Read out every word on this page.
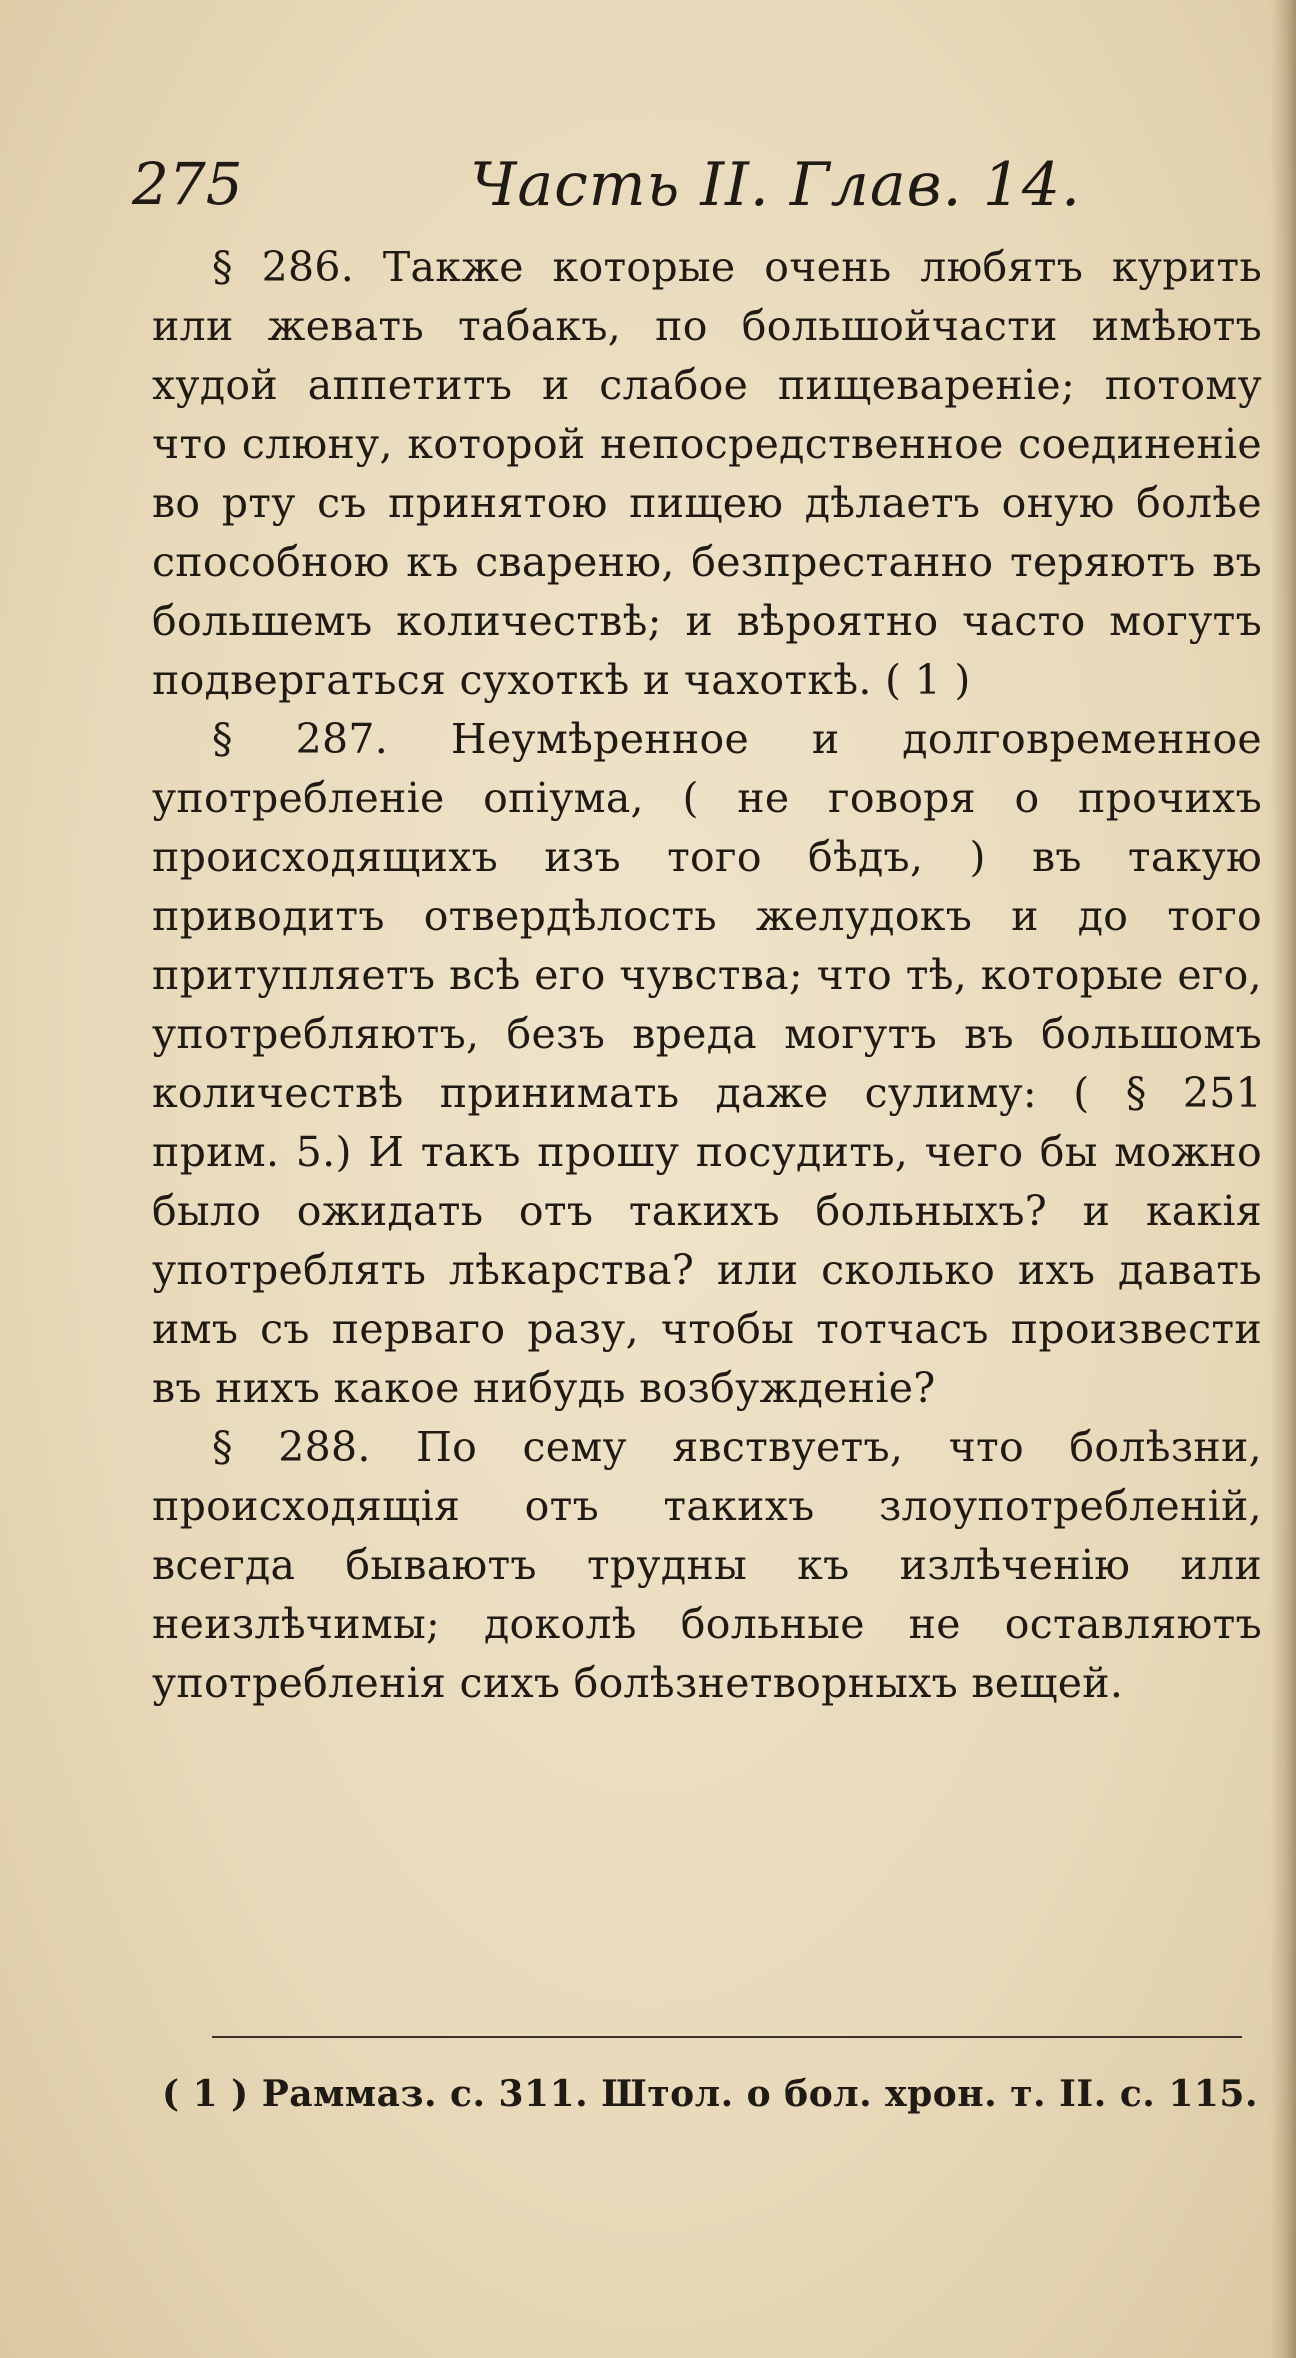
275	Часть II. Глав. 14.

§ 286. Также которые очень любятъ курить или жевать табакъ, по большойчасти имѣютъ худой аппетитъ и слабое пищевареніе; потому что слюну, которой непосредственное соединеніе во рту съ принятою пищею дѣлаетъ оную болѣе способною къ свареню, безпрестанно теряютъ въ большемъ количествѣ; и вѣроятно часто могутъ подвергаться сухоткѣ и чахоткѣ. ( 1 )

§ 287. Неумѣренное и долговременное употребленіе опіума, ( не говоря о прочихъ происходящихъ изъ того бѣдъ, ) въ такую приводитъ отвердѣлость желудокъ и до того притупляетъ всѣ его чувства; что тѣ, которые его, употребляютъ, безъ вреда могутъ въ большомъ количествѣ принимать даже сулиму: ( § 251 прим. 5.) И такъ прошу посудить, чего бы можно было ожидать отъ такихъ больныхъ? и какія употреблять лѣкарства? или сколько ихъ давать имъ съ перваго разу, чтобы тотчасъ произвести въ нихъ какое нибудь возбужденіе?

§ 288. По сему явствуетъ, что болѣзни, происходящія отъ такихъ злоупотребленій, всегда бываютъ трудны къ излѣченію или неизлѣчимы; доколѣ больные не оставляютъ употребленія сихъ болѣзнетворныхъ вещей.

( 1 ) Раммаз. с. 311. Штол. о бол. хрон. т. II. с. 115.
